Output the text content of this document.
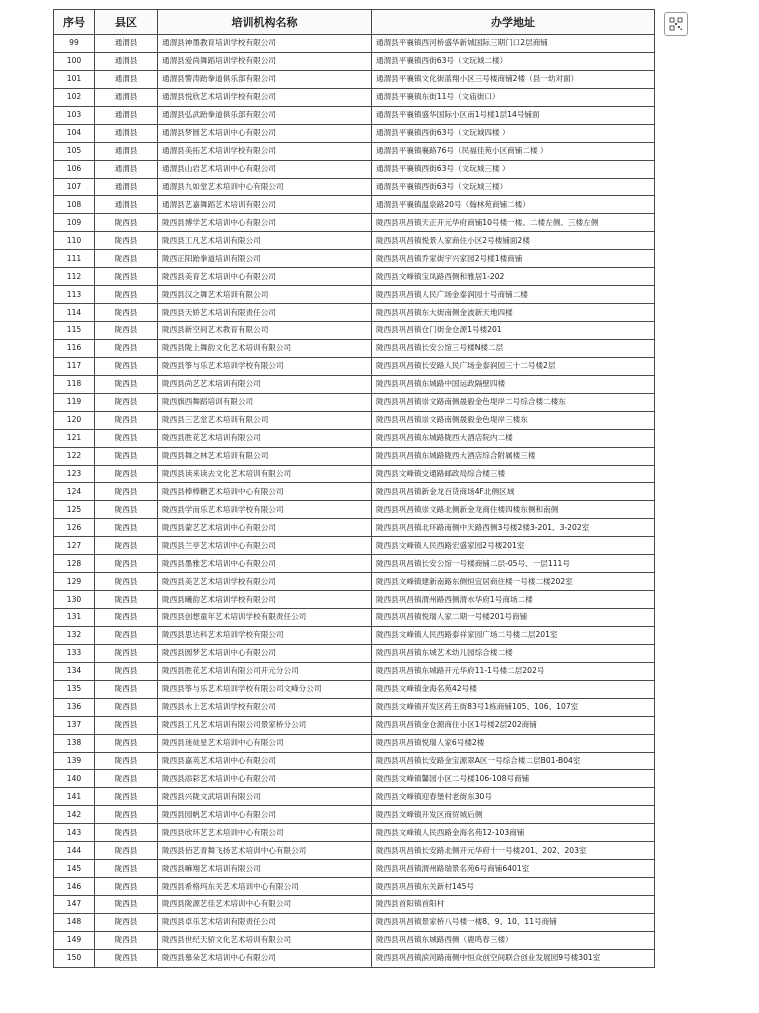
序号	县区	培训机构名称	办学地址
99	通渭县	通渭县神墨教育培训学校有限公司	通渭县平襄镇西河桥盛华新城国际三期门口2层商铺
100	通渭县	通渭县爱尚舞蹈培训学校有限公司	通渭县平襄镇西街63号（文玩城二楼）
101	通渭县	通渭县警涛跆拳道俱乐部有限公司	通渭县平襄镇文化街蓝翔小区三号楼商铺2楼（县一幼对面）
102	通渭县	通渭县悦欣艺术培训学校有限公司	通渭县平襄镇东街11号（文庙街口）
103	通渭县	通渭县弘武跆拳道俱乐部有限公司	通渭县平襄镇盛华国际小区南1号楼1层14号铺面
104	通渭县	通渭县梦圆艺术培训中心有限公司	通渭县平襄镇西街63号（文玩城四楼 ）
105	通渭县	通渭县美拓艺术培训学校有限公司	通渭县平襄镇襄路76号（民福佳苑小区商铺二楼 ）
106	通渭县	通渭县山岩艺术培训中心有限公司	通渭县平襄镇西街63号（文玩城三楼 ）
107	通渭县	通渭县九如堂艺术培训中心有限公司	通渭县平襄镇西街63号（文玩城三楼）
108	通渭县	通渭县艺嘉舞蹈艺术培训有限公司	通渭县平襄镇温泉路20号（翰林苑商铺二楼）
109	陇西县	陇西县博学艺术培训中心有限公司	陇西县巩昌镇天正开元华府商铺10号楼一楼、二楼左侧、三楼左侧
110	陇西县	陇西县工凡艺术培训有限公司	陇西县巩昌镇悦景人家商住小区2号楼铺面2楼
111	陇西县	陇西正阳跆拳道培训有限公司	陇西县巩昌镇乔家街宇兴家园2号楼1楼商铺
112	陇西县	陇西县美育艺术培训中心有限公司	陇西县文峰镇宝凤路西侧和雅居1-202
113	陇西县	陇西县汉之舞艺术培训有限公司	陇西县巩昌镇人民广场金泰润园十号商铺二楼
114	陇西县	陇西县天娇艺术培训有限责任公司	陇西县巩昌镇东大街南侧金波新天地四楼
115	陇西县	陇西县新空间艺术教育有限公司	陇西县巩昌镇仓门街金仓源1号楼201
116	陇西县	陇西县陇上舞韵文化艺术培训有限公司	陇西县巩昌镇长安公馆三号楼N楼二层
117	陇西县	陇西县筝与乐艺术培训学校有限公司	陇西县巩昌镇长安路人民广场金泰润园三十二号楼2层
118	陇西县	陇西县尚艺艺术培训有限公司	陇西县巩昌镇东城路中国运政隔壁四楼
119	陇西县	陇西旗西舞蹈培训有限公司	陇西县巩昌镇崇文路南侧晟毅金色堤岸二号综合楼二楼东
120	陇西县	陇西县三艺堂艺术培训有限公司	陇西县巩昌镇崇文路南侧晟毅金色堤岸三楼东
121	陇西县	陇西县胜花艺术培训有限公司	陇西县巩昌镇东城路陇西大酒店院内二楼
122	陇西县	陇西县舞之林艺术培训有限公司	陇西县巩昌镇东城路陇西大酒店综合附属楼三楼
123	陇西县	陇西县读来读去文化艺术培训有限公司	陇西县文峰镇交通路邮政局综合楼三楼
124	陇西县	陇西县棒棒糖艺术培训中心有限公司	陇西县巩昌镇新金龙百货商场4F北侧区域
125	陇西县	陇西县学而乐艺术培训学校有限公司	陇西县巩昌镇崇文路北侧新金龙商住楼四楼东侧和南侧
126	陇西县	陇西县蒙艺艺术培训中心有限公司	陇西县巩昌镇北环路南侧中天路西侧3号楼2楼3-201、3-202室
127	陇西县	陇西县兰亭艺术培训中心有限公司	陇西县文峰镇人民西路宏盛家园2号楼201室
128	陇西县	陇西县墨雅艺术培训中心有限公司	陇西县巩昌镇长安公馆一号楼商铺二层-05号、一层111号
129	陇西县	陇西县美艺艺术培训学校有限公司	陇西县文峰镇建新南路东侧恒宜居商住楼一号楼二楼202室
130	陇西县	陇西县曦韵艺术培训学校有限公司	陇西县巩昌镇渭州路西侧渭水华府1号商场二楼
131	陇西县	陇西县创想童年艺术培训学校有限责任公司	陇西县巩昌镇悦瑞人家二期一号楼201号商铺
132	陇西县	陇西县思达科艺术培训学校有限公司	陇西县文峰镇人民西路泰祥家园广场二号楼二层201室
133	陇西县	陇西县圆梦艺术培训中心有限公司	陇西县巩昌镇东城艺术幼儿园综合楼二楼
134	陇西县	陇西县胜花艺术培训有限公司开元分公司	陇西县巩昌镇东城路开元华府11-1号楼二层202号
135	陇西县	陇西县筝与乐艺术培训学校有限公司文峰分公司	陇西县文峰镇金海名苑42号楼
136	陇西县	陇西县水上艺术培训学校有限公司	陇西县文峰镇开发区药王街83号1栋商铺105、106、107室
137	陇西县	陇西县工凡艺术培训有限公司景家桥分公司	陇西县巩昌镇金仓源商住小区1号楼2层202商铺
138	陇西县	陇西县迷徒星艺术培训中心有限公司	陇西县巩昌镇悦瑞人家6号楼2楼
139	陇西县	陇西县嘉英艺术培训中心有限公司	陇西县巩昌镇长安路金宝源翠A区一号综合楼二层B01-B04室
140	陇西县	陇西县添彩艺术培训中心有限公司	陇西县文峰镇馨园小区二号楼106-108号商铺
141	陇西县	陇西县兴陇文武培训有限公司	陇西县文峰镇迎春堡村老街东30号
142	陇西县	陇西县园帆艺术培训中心有限公司	陇西县文峰镇开发区商贸城后侧
143	陇西县	陇西县欣环艺艺术培训中心有限公司	陇西县文峰镇人民西路金海名苑12-103商铺
144	陇西县	陇西县佰艺青舞飞扬艺术培训中心有限公司	陇西县巩昌镇长安路北侧开元华府十一号楼201、202、203室
145	陇西县	陇西县嘛翔艺术培训有限公司	陇西县巩昌镇渭州路瑞景名苑6号商铺6401室
146	陇西县	陇西县希格玛东关艺术培训中心有限公司	陇西县巩昌镇东关新村145号
147	陇西县	陇西县陇源艺佳艺术培训中心有限公司	陇西县首阳镇首阳村
148	陇西县	陇西县卓乐艺术培训有限责任公司	陇西县巩昌镇景家桥八号楼一楼8、9、10、11号商铺
149	陇西县	陇西县世纪天骄文化艺术培训有限公司	陇西县巩昌镇东城路西侧（鹿鸣春三楼）
150	陇西县	陇西县慕朵艺术培训中心有限公司	陇西县巩昌镇滨河路南侧中恒众创空间联合创业发展园9号楼301室
